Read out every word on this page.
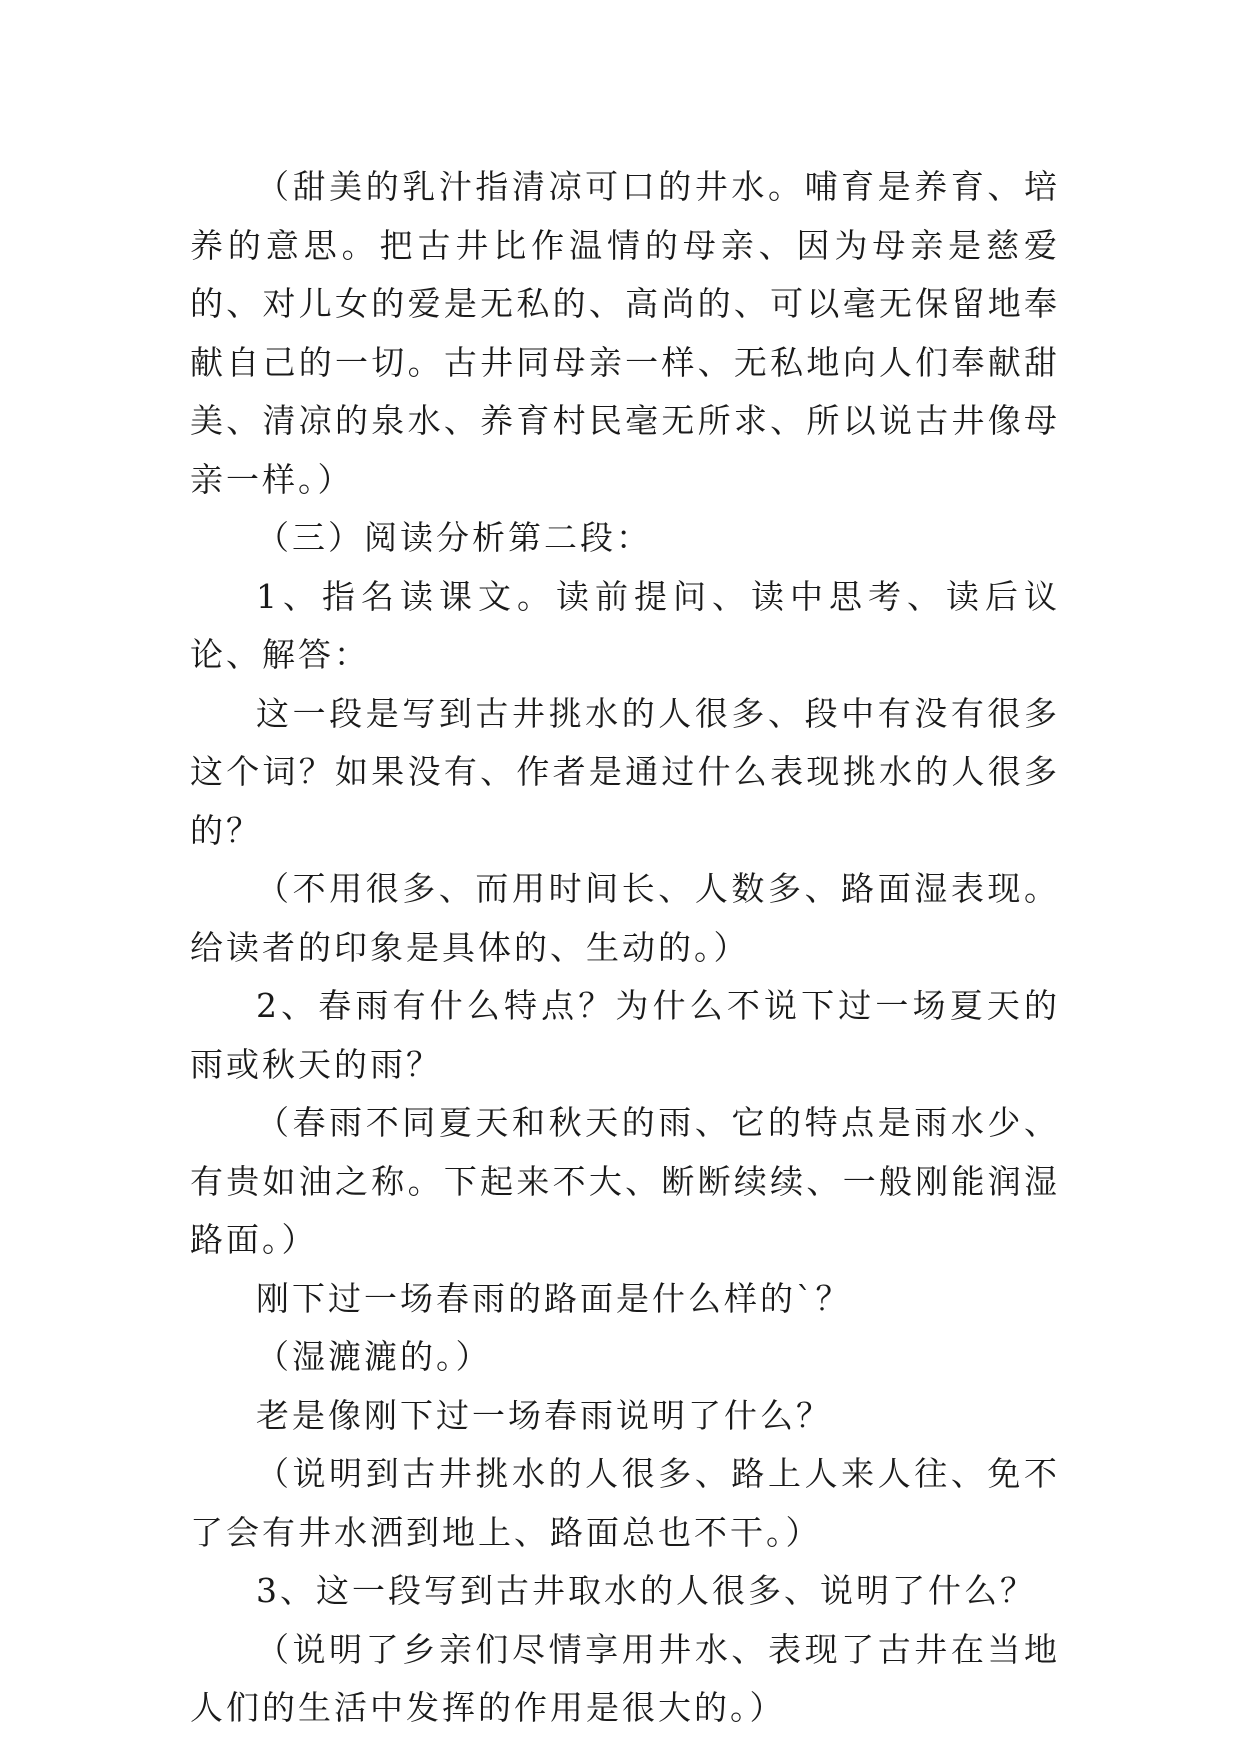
（甜美的乳汁指清凉可口的井水。哺育是养育、培养的意思。把古井比作温情的母亲、因为母亲是慈爱的、对儿女的爱是无私的、高尚的、可以毫无保留地奉献自己的一切。古井同母亲一样、无私地向人们奉献甜美、清凉的泉水、养育村民毫无所求、所以说古井像母亲一样。）

（三）阅读分析第二段：

1、指名读课文。读前提问、读中思考、读后议论、解答：

这一段是写到古井挑水的人很多、段中有没有很多这个词？如果没有、作者是通过什么表现挑水的人很多的？

（不用很多、而用时间长、人数多、路面湿表现。给读者的印象是具体的、生动的。）

2、春雨有什么特点？为什么不说下过一场夏天的雨或秋天的雨？

（春雨不同夏天和秋天的雨、它的特点是雨水少、有贵如油之称。下起来不大、断断续续、一般刚能润湿路面。）

刚下过一场春雨的路面是什么样的`？

（湿漉漉的。）

老是像刚下过一场春雨说明了什么？

（说明到古井挑水的人很多、路上人来人往、免不了会有井水洒到地上、路面总也不干。）

3、这一段写到古井取水的人很多、说明了什么？

（说明了乡亲们尽情享用井水、表现了古井在当地人们的生活中发挥的作用是很大的。）
